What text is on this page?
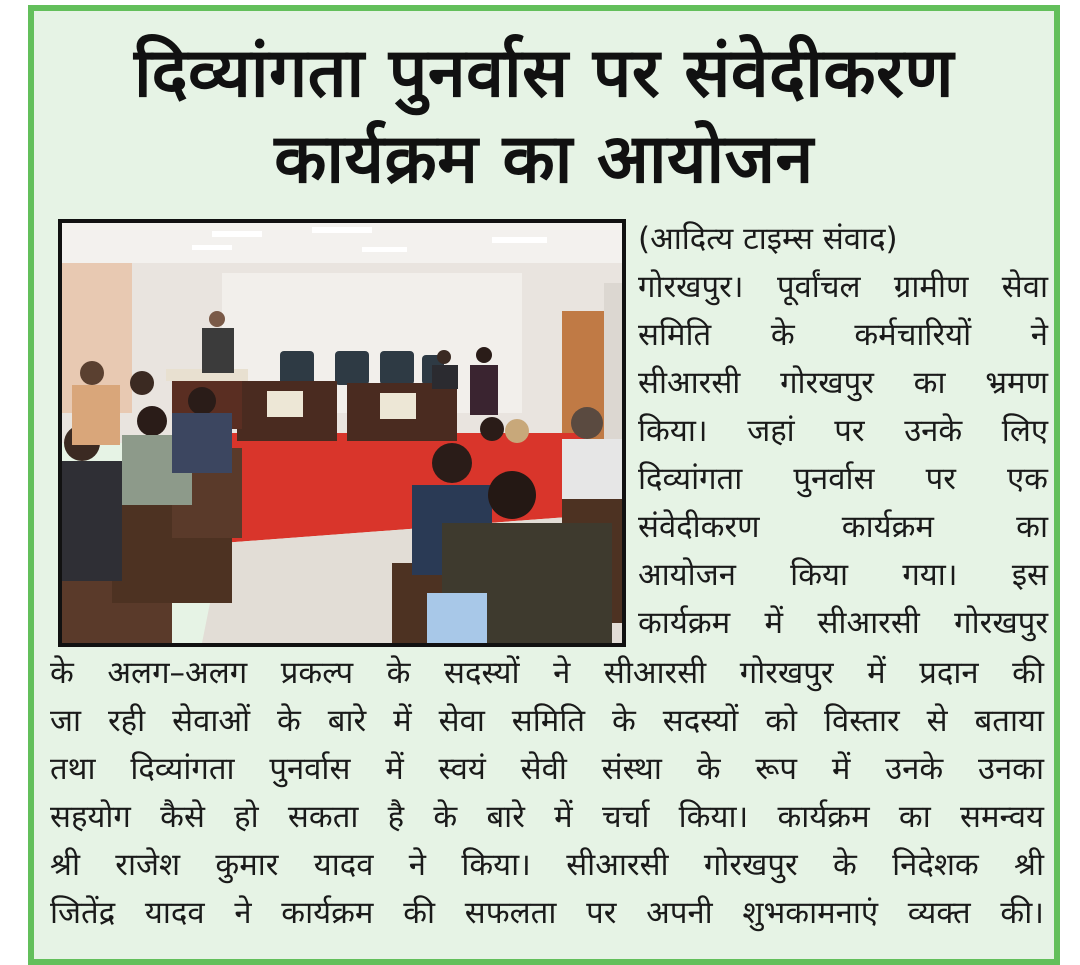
दिव्यांगता पुनर्वास पर संवेदीकरण
कार्यक्रम का आयोजन
(आदित्य टाइम्स संवाद)
गोरखपुर। पूर्वांचल ग्रामीण सेवा
समिति के कर्मचारियों ने
सीआरसी गोरखपुर का भ्रमण
किया। जहां पर उनके लिए
दिव्यांगता पुनर्वास पर एक
संवेदीकरण कार्यक्रम का
आयोजन किया गया। इस
कार्यक्रम में सीआरसी गोरखपुर
के अलग–अलग प्रकल्प के सदस्यों ने सीआरसी गोरखपुर में प्रदान की
जा रही सेवाओं के बारे में सेवा समिति के सदस्यों को विस्तार से बताया
तथा दिव्यांगता पुनर्वास में स्वयं सेवी संस्था के रूप में उनके उनका
सहयोग कैसे हो सकता है के बारे में चर्चा किया। कार्यक्रम का समन्वय
श्री राजेश कुमार यादव ने किया। सीआरसी गोरखपुर के निदेशक श्री
जितेंद्र यादव ने कार्यक्रम की सफलता पर अपनी शुभकामनाएं व्यक्त की।
